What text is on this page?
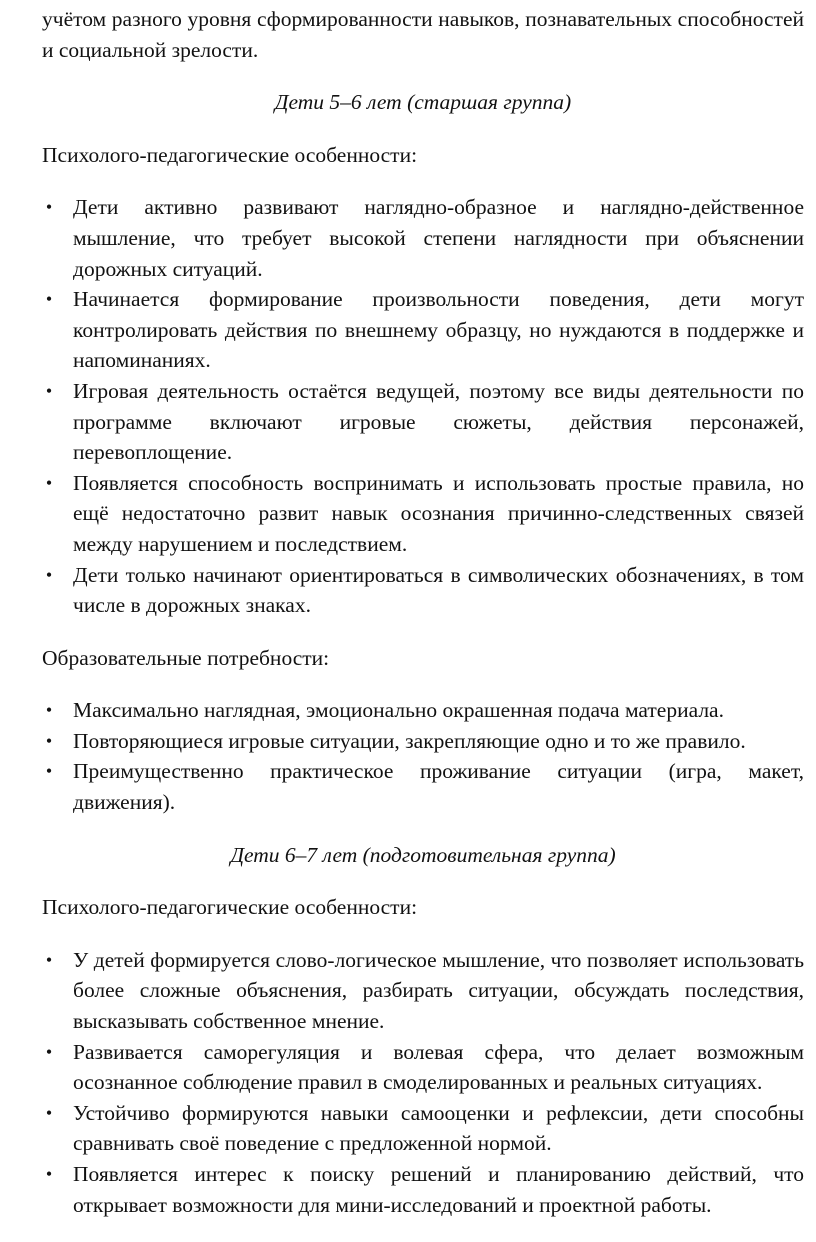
учётом разного уровня сформированности навыков, познавательных способностей и социальной зрелости.

Дети 5–6 лет (старшая группа)

Психолого-педагогические особенности:

• Дети активно развивают наглядно-образное и наглядно-действенное мышление, что требует высокой степени наглядности при объяснении дорожных ситуаций.
• Начинается формирование произвольности поведения, дети могут контролировать действия по внешнему образцу, но нуждаются в поддержке и напоминаниях.
• Игровая деятельность остаётся ведущей, поэтому все виды деятельности по программе включают игровые сюжеты, действия персонажей, перевоплощение.
• Появляется способность воспринимать и использовать простые правила, но ещё недостаточно развит навык осознания причинно-следственных связей между нарушением и последствием.
• Дети только начинают ориентироваться в символических обозначениях, в том числе в дорожных знаках.

Образовательные потребности:

• Максимально наглядная, эмоционально окрашенная подача материала.
• Повторяющиеся игровые ситуации, закрепляющие одно и то же правило.
• Преимущественно практическое проживание ситуации (игра, макет, движения).

Дети 6–7 лет (подготовительная группа)

Психолого-педагогические особенности:

• У детей формируется слово-логическое мышление, что позволяет использовать более сложные объяснения, разбирать ситуации, обсуждать последствия, высказывать собственное мнение.
• Развивается саморегуляция и волевая сфера, что делает возможным осознанное соблюдение правил в смоделированных и реальных ситуациях.
• Устойчиво формируются навыки самооценки и рефлексии, дети способны сравнивать своё поведение с предложенной нормой.
• Появляется интерес к поиску решений и планированию действий, что открывает возможности для мини-исследований и проектной работы.
